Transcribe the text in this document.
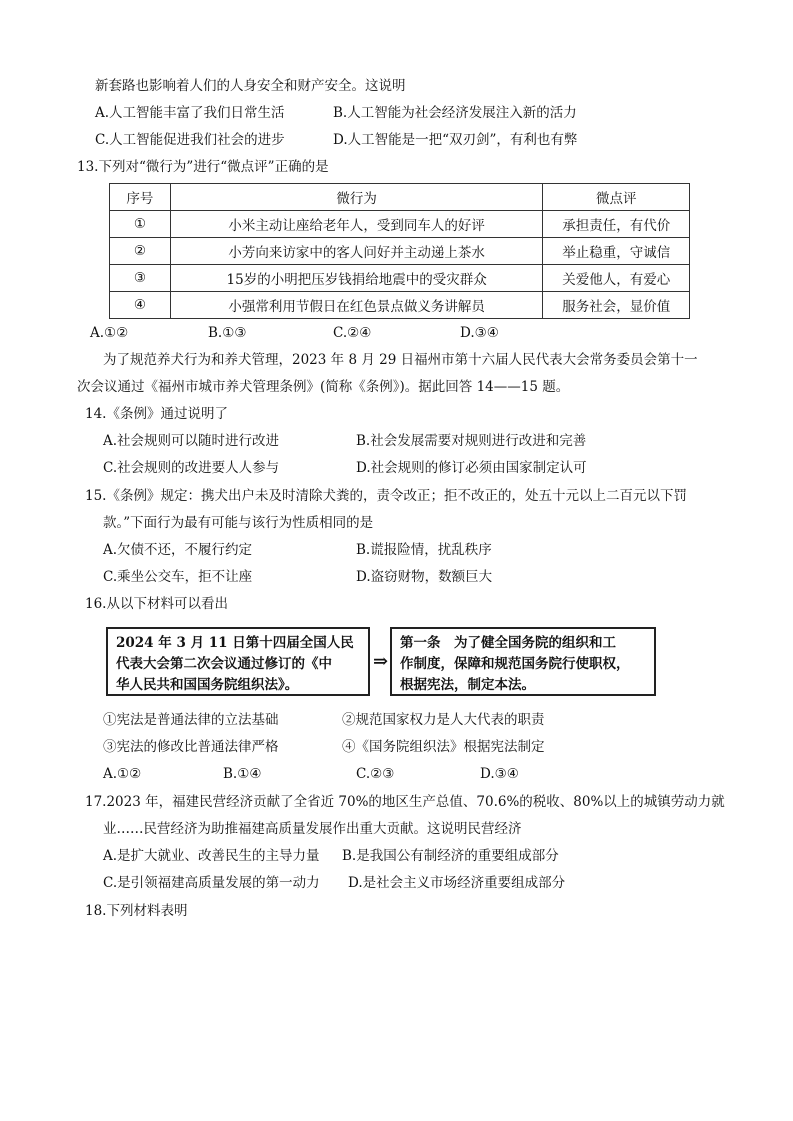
新套路也影响着人们的人身安全和财产安全。这说明
A.人工智能丰富了我们日常生活	B.人工智能为社会经济发展注入新的活力
C.人工智能促进我们社会的进步	D.人工智能是一把“双刃剑”，有利也有弊
13.下列对“微行为”进行“微点评”正确的是
序号	微行为	微点评
①	小米主动让座给老年人，受到同车人的好评	承担责任，有代价
②	小芳向来访家中的客人问好并主动递上茶水	举止稳重，守诚信
③	15岁的小明把压岁钱捐给地震中的受灾群众	关爱他人，有爱心
④	小强常利用节假日在红色景点做义务讲解员	服务社会，显价值
A.①②	B.①③	C.②④	D.③④
为了规范养犬行为和养犬管理，2023 年 8 月 29 日福州市第十六届人民代表大会常务委员会第十一
次会议通过《福州市城市养犬管理条例》(简称《条例》)。据此回答 14——15 题。
14.《条例》通过说明了
A.社会规则可以随时进行改进	B.社会发展需要对规则进行改进和完善
C.社会规则的改进要人人参与	D.社会规则的修订必须由国家制定认可
15.《条例》规定：携犬出户未及时清除犬粪的，责令改正；拒不改正的，处五十元以上二百元以下罚
款。”下面行为最有可能与该行为性质相同的是
A.欠债不还，不履行约定	B.谎报险情，扰乱秩序
C.乘坐公交车，拒不让座	D.盗窃财物，数额巨大
16.从以下材料可以看出
2024 年 3 月 11 日第十四届全国人民
代表大会第二次会议通过修订的《中
华人民共和国国务院组织法》。
⇒
第一条　为了健全国务院的组织和工
作制度，保障和规范国务院行使职权，
根据宪法，制定本法。
①宪法是普通法律的立法基础	②规范国家权力是人大代表的职责
③宪法的修改比普通法律严格	④《国务院组织法》根据宪法制定
A.①②	B.①④	C.②③	D.③④
17.2023 年，福建民营经济贡献了全省近 70%的地区生产总值、70.6%的税收、80%以上的城镇劳动力就
业……民营经济为助推福建高质量发展作出重大贡献。这说明民营经济
A.是扩大就业、改善民生的主导力量 B.是我国公有制经济的重要组成部分
C.是引领福建高质量发展的第一动力 D.是社会主义市场经济重要组成部分
18.下列材料表明
